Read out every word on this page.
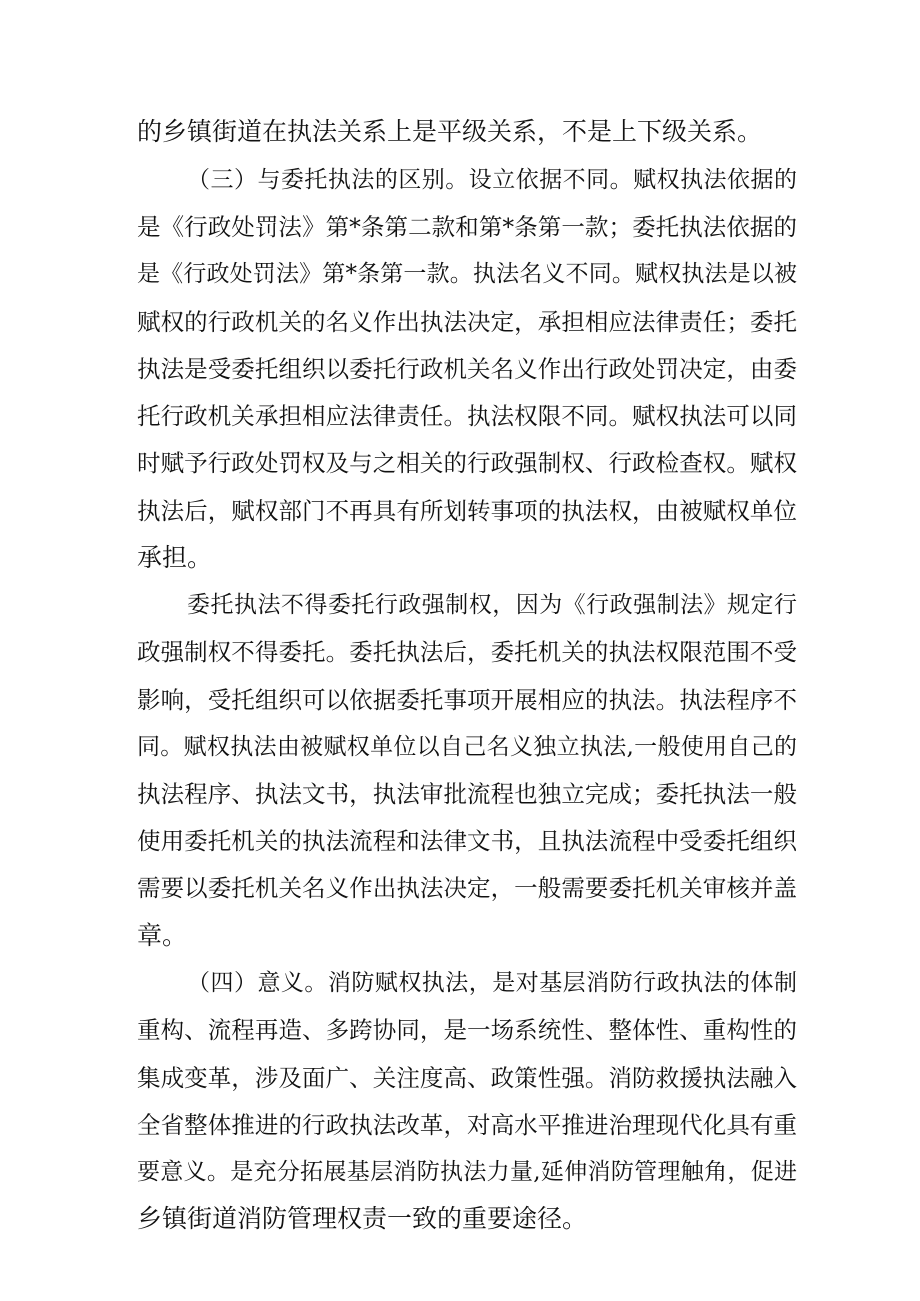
的乡镇街道在执法关系上是平级关系，不是上下级关系。
（三）与委托执法的区别。设立依据不同。赋权执法依据的
是《行政处罚法》第*条第二款和第*条第一款；委托执法依据的
是《行政处罚法》第*条第一款。执法名义不同。赋权执法是以被
赋权的行政机关的名义作出执法决定，承担相应法律责任；委托
执法是受委托组织以委托行政机关名义作出行政处罚决定，由委
托行政机关承担相应法律责任。执法权限不同。赋权执法可以同
时赋予行政处罚权及与之相关的行政强制权、行政检查权。赋权
执法后，赋权部门不再具有所划转事项的执法权，由被赋权单位
承担。
委托执法不得委托行政强制权，因为《行政强制法》规定行
政强制权不得委托。委托执法后，委托机关的执法权限范围不受
影响，受托组织可以依据委托事项开展相应的执法。执法程序不
同。赋权执法由被赋权单位以自己名义独立执法,一般使用自己的
执法程序、执法文书，执法审批流程也独立完成；委托执法一般
使用委托机关的执法流程和法律文书，且执法流程中受委托组织
需要以委托机关名义作出执法决定，一般需要委托机关审核并盖
章。
（四）意义。消防赋权执法，是对基层消防行政执法的体制
重构、流程再造、多跨协同，是一场系统性、整体性、重构性的
集成变革，涉及面广、关注度高、政策性强。消防救援执法融入
全省整体推进的行政执法改革，对高水平推进治理现代化具有重
要意义。是充分拓展基层消防执法力量,延伸消防管理触角，促进
乡镇街道消防管理权责一致的重要途径。
